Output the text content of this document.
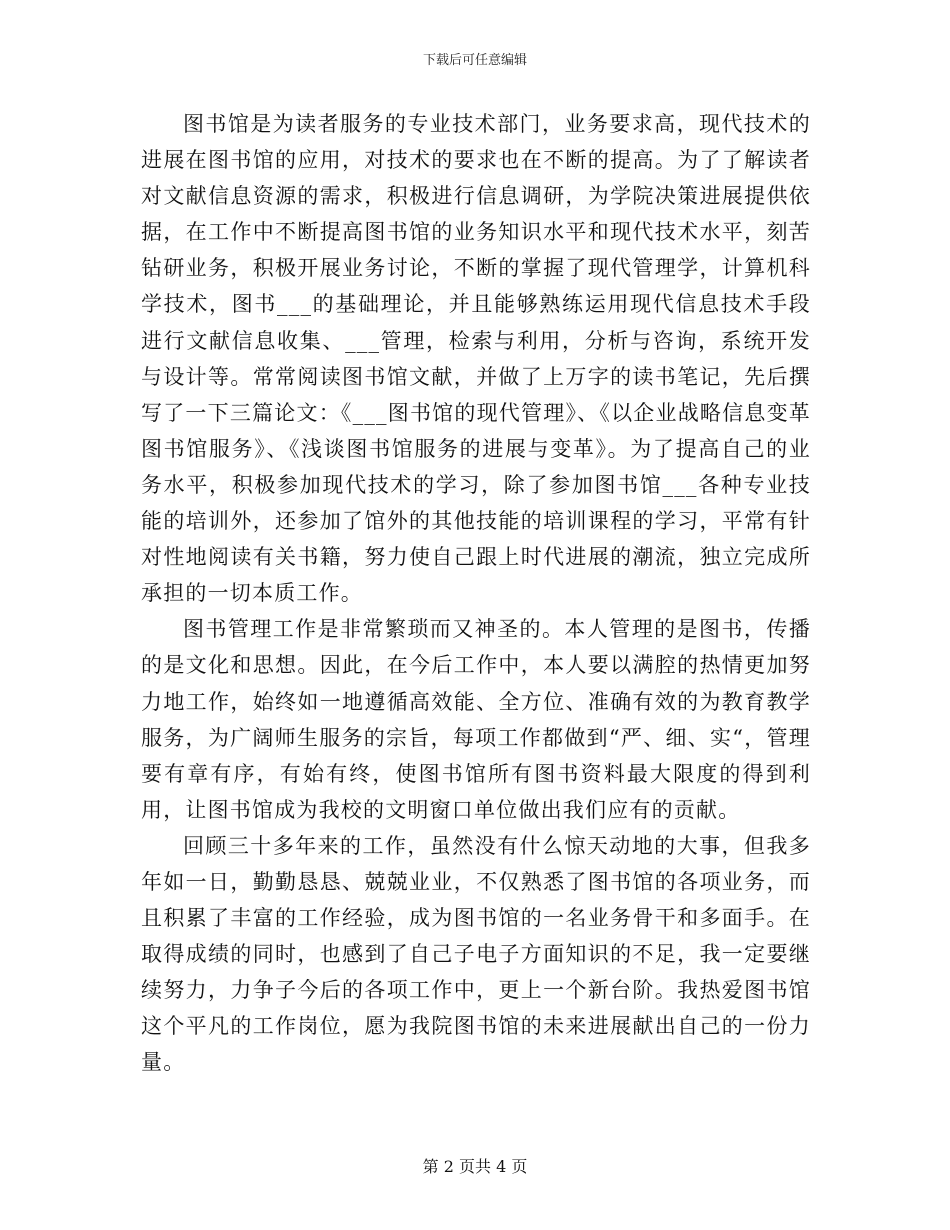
下载后可任意编辑

图书馆是为读者服务的专业技术部门，业务要求高，现代技术的进展在图书馆的应用，对技术的要求也在不断的提高。为了了解读者对文献信息资源的需求，积极进行信息调研，为学院决策进展提供依据，在工作中不断提高图书馆的业务知识水平和现代技术水平，刻苦钻研业务，积极开展业务讨论，不断的掌握了现代管理学，计算机科学技术，图书___的基础理论，并且能够熟练运用现代信息技术手段进行文献信息收集、___管理，检索与利用，分析与咨询，系统开发与设计等。常常阅读图书馆文献，并做了上万字的读书笔记，先后撰写了一下三篇论文：《___图书馆的现代管理》、《以企业战略信息变革图书馆服务》、《浅谈图书馆服务的进展与变革》。为了提高自己的业务水平，积极参加现代技术的学习，除了参加图书馆___各种专业技能的培训外，还参加了馆外的其他技能的培训课程的学习，平常有针对性地阅读有关书籍，努力使自己跟上时代进展的潮流，独立完成所承担的一切本质工作。

图书管理工作是非常繁琐而又神圣的。本人管理的是图书，传播的是文化和思想。因此，在今后工作中，本人要以满腔的热情更加努力地工作，始终如一地遵循高效能、全方位、准确有效的为教育教学服务，为广阔师生服务的宗旨，每项工作都做到“严、细、实“，管理要有章有序，有始有终，使图书馆所有图书资料最大限度的得到利用，让图书馆成为我校的文明窗口单位做出我们应有的贡献。

回顾三十多年来的工作，虽然没有什么惊天动地的大事，但我多年如一日，勤勤恳恳、兢兢业业，不仅熟悉了图书馆的各项业务，而且积累了丰富的工作经验，成为图书馆的一名业务骨干和多面手。在取得成绩的同时，也感到了自己子电子方面知识的不足，我一定要继续努力，力争子今后的各项工作中，更上一个新台阶。我热爱图书馆这个平凡的工作岗位，愿为我院图书馆的未来进展献出自己的一份力量。

第 2 页共 4 页
